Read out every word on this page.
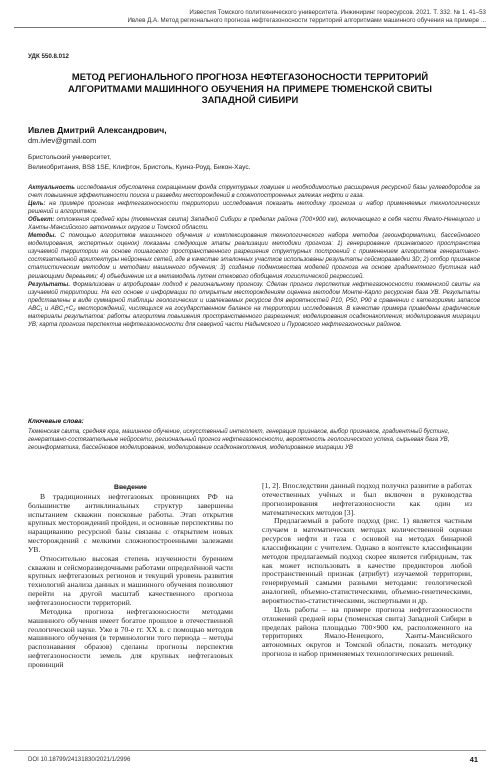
Известия Томского политехнического университета. Инжиниринг георесурсов. 2021. Т. 332. № 1. 41–53
Ивлев Д.А. Метод регионального прогноза нефтегазоносности территорий алгоритмами машинного обучения на примере ...
УДК 550.8.012
МЕТОД РЕГИОНАЛЬНОГО ПРОГНОЗА НЕФТЕГАЗОНОСНОСТИ ТЕРРИТОРИЙ АЛГОРИТМАМИ МАШИННОГО ОБУЧЕНИЯ НА ПРИМЕРЕ ТЮМЕНСКОЙ СВИТЫ ЗАПАДНОЙ СИБИРИ
Ивлев Дмитрий Александрович,
dm.ivlev@gmail.com
Бристольский университет,
Великобритания, BS8 1SE, Клифтон, Бристоль, Куинз-Роуд, Бикон-Хаус.

Актуальность исследования обусловлена сокращением фонда структурных ловушек и необходимостью расширения ресурсной базы углеводородов за счет повышения эффективности поиска и разведки месторождений в сложнопостроенных залежах нефти и газа.

Цель: на примере прогноза нефтегазоносности территории исследования показать методику прогноза и набор применяемых технологических решений и алгоритмов.

Объект: отложения средней юры (тюменская свита) Западной Сибири в пределах района (700×900 км), включающего в себя части Ямало-Ненецкого и Ханты-Мансийского автономных округов и Томской области.

Методы. С помощью алгоритмов машинного обучения и комплексирования технологического набора методов (геоинформатики, бассейнового моделирования, экспертных оценок) показаны следующие этапы реализации методики прогноза: 1) генерирование признакового пространства изучаемой территории на основе пошагового пространственного разрешения структурных построений с применением алгоритмов генеративно-состязательной архитектуры нейронных сетей, где в качестве эталонных участков использованы результаты сейсморазведки 3D; 2) отбор признаков статистическим методом и методами машинного обучения; 3) создание подмножества моделей прогноза на основе градиентного бустинга над решающими деревьями; 4) объединение их в метамодель путем стекового обобщения логистической регрессией.

Результаты. Формализован и апробирован подход к региональному прогнозу. Сделан прогноз перспектив нефтегазоносности тюменской свиты на изучаемой территории. На его основе и информации по открытым месторождениям оценена методом Монте-Карло ресурсная база УВ. Результаты представлены в виде суммарной таблицы геологических и извлекаемых ресурсов для вероятностей P10, P50, P90 в сравнении с категориями запасов ABC₁ и ABC₁+C₂ месторождений, числящихся на государственном балансе на территории исследования. В качестве примера приведены графические материалы результатов: работы алгоритма повышения пространственного разрешения; моделирования осадконакопления; моделирования миграции УВ; карта прогноза перспектив нефтегазоносности для северной части Надымского и Пуровского нефтегазоносных районов.

Ключевые слова:
Тюменская свита, средняя юра, машинное обучение, искусственный интеллект, генерация признаков, выбор признаков, градиентный бустинг, генеративно-состязательные нейросети, региональный прогноз нефтегазоносности, вероятность геологического успеха, сырьевая база УВ, геоинформатика, бассейновое моделирование, моделирование осадконакопления, моделирование миграции УВ

Введение

В традиционных нефтегазовых провинциях РФ на большинстве антиклинальных структур завершены испытанием скважин поисковые работы. Этап открытия крупных месторождений пройден, и основные перспективы по наращиванию ресурсной базы связаны с открытием новых месторождений с мелкими сложнопостроенными залежами УВ.

Относительно высокая степень изученности бурением скважин и сейсморазведочными работами определённой части крупных нефтегазовых регионов и текущий уровень развития технологий анализа данных и машинного обучения позволяют перейти на другой масштаб качественного прогноза нефтегазоносности территорий.

Методика прогноза нефтегазоносности методами машинного обучения имеет богатое прошлое в отечественной геологической науке. Уже в 70-е гг. XX в. с помощью методов машинного обучения (в терминологии того периода – методы распознавания образов) сделаны прогнозы перспектив нефтегазоносности земель для крупных нефтегазовых провинций

[1, 2]. Впоследствии данный подход получил развитие в работах отечественных учёных и был включен в руководства прогнозирования нефтегазоносности как один из математических методов [3].

Предлагаемый в работе подход (рис. 1) является частным случаем в математических методах количественной оценки ресурсов нефти и газа с основой на методах бинарной классификации с учителем. Однако в контексте классификации методов предлагаемый подход скорее является гибридным, так как может использовать в качестве предикторов любой пространственный признак (атрибут) изучаемой территории, генерируемый самыми разными методами: геологической аналогией, объемно-статистическими, объемно-генетическими, вероятностно-статистическими, экспертными и др.

Цель работы – на примере прогноза нефтегазоносности отложений средней юры (тюменская свита) Западной Сибири в пределах района площадью 700×900 км, расположенного на территориях Ямало-Ненецкого, Ханты-Мансийского автономных округов и Томской области, показать методику прогноза и набор применяемых технологических решений.

DOI 10.18799/24131830/2021/1/2996	41
